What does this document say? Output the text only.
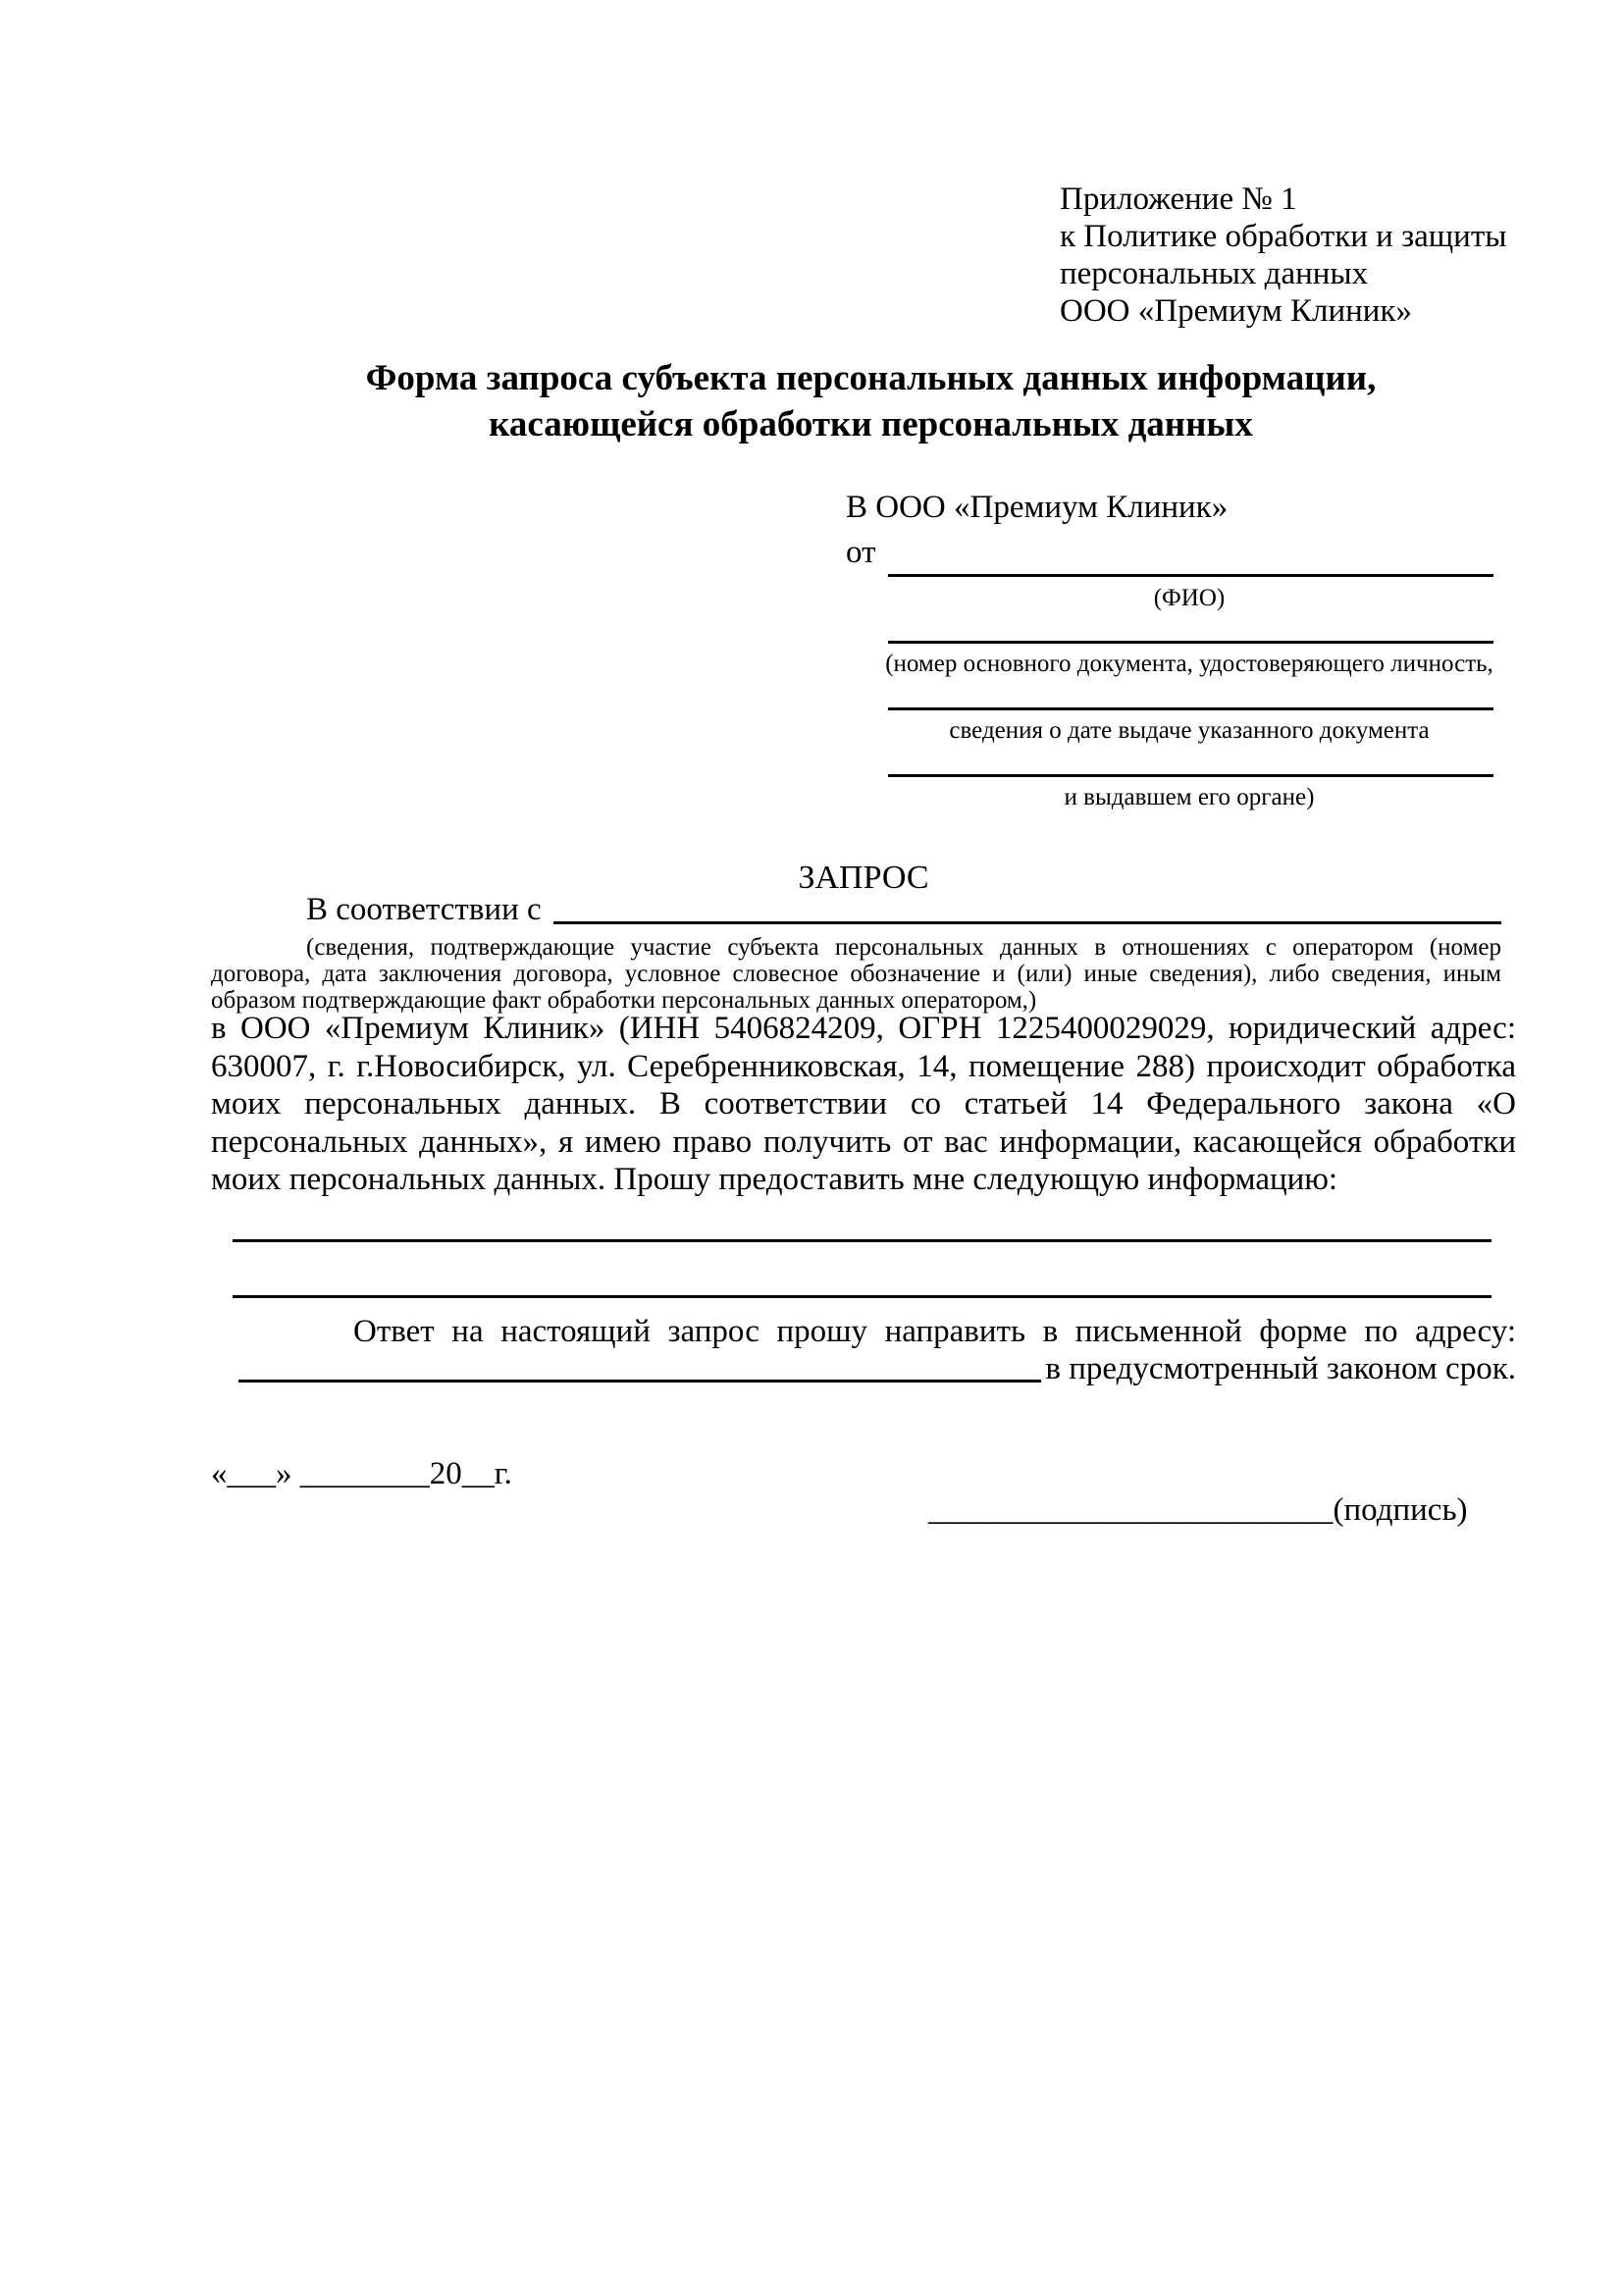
Приложение № 1
к Политике обработки и защиты
персональных данных
ООО «Премиум Клиник»
Форма запроса субъекта персональных данных информации,
касающейся обработки персональных данных
В ООО «Премиум Клиник»
от
(ФИО)
(номер основного документа, удостоверяющего личность,
сведения о дате выдаче указанного документа
и выдавшем его органе)
ЗАПРОС
В соответствии с
(сведения, подтверждающие участие субъекта персональных данных в отношениях с оператором (номер договора, дата заключения договора, условное словесное обозначение и (или) иные сведения), либо сведения, иным образом подтверждающие факт обработки персональных данных оператором,)
в ООО «Премиум Клиник» (ИНН 5406824209, ОГРН 1225400029029, юридический адрес: 630007, г. г.Новосибирск, ул. Серебренниковская, 14, помещение 288) происходит обработка моих персональных данных. В соответствии со статьей 14 Федерального закона «О персональных данных», я имею право получить от вас информации, касающейся обработки моих персональных данных. Прошу предоставить мне следующую информацию:
Ответ на настоящий запрос прошу направить в письменной форме по адресу:
в предусмотренный законом срок.
«___» ________20__г.

_________________________(подпись)
